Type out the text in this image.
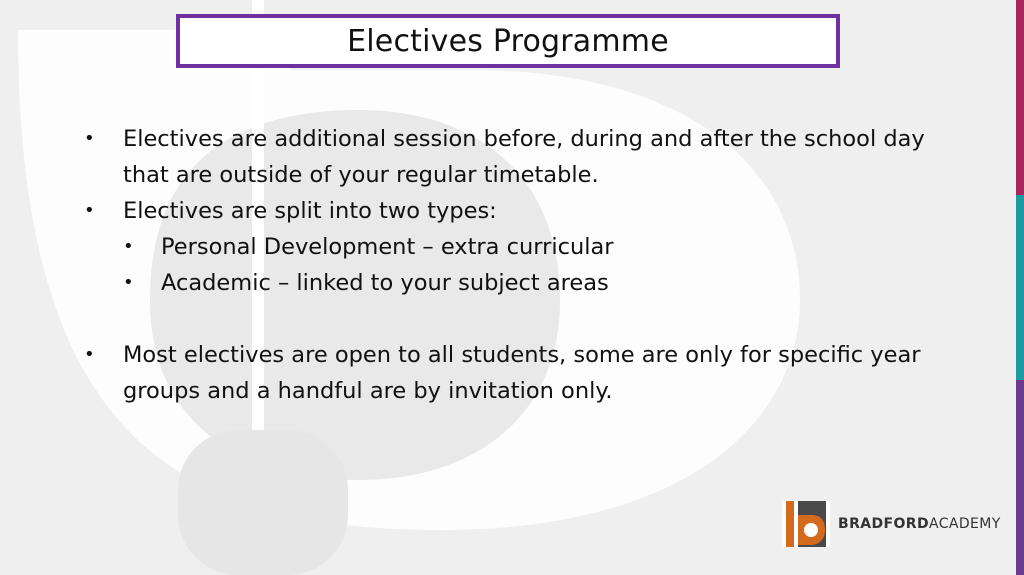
Electives Programme
• Electives are additional session before, during and after the school day that are outside of your regular timetable.
• Electives are split into two types:
• Personal Development – extra curricular
• Academic – linked to your subject areas
• Most electives are open to all students, some are only for specific year groups and a handful are by invitation only.
BRADFORDACADEMY
